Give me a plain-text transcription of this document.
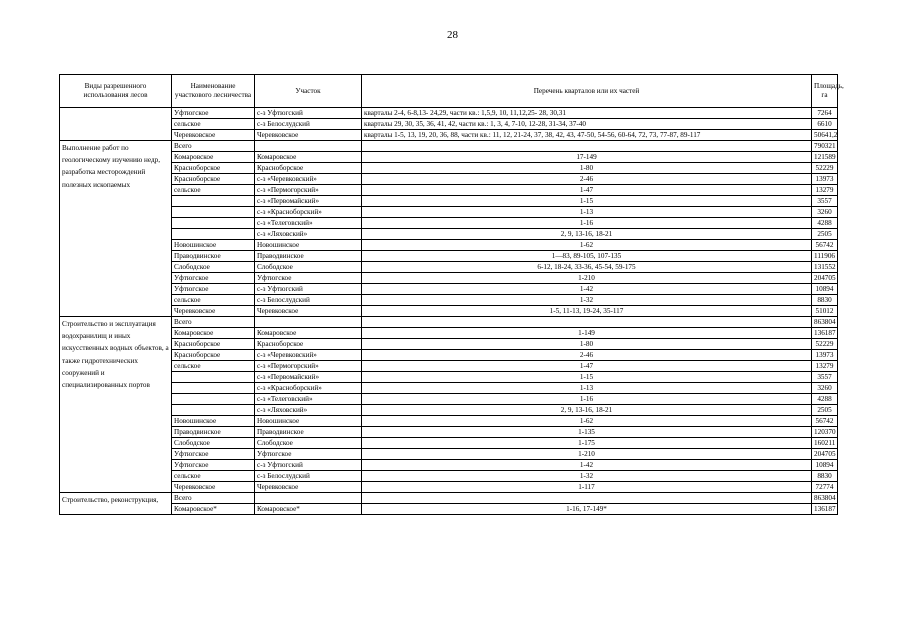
28
Виды разрешенного использования лесов	Наименование участкового лесничества	Участок	Перечень кварталов или их частей	Площадь, га
	Уфтюгское	с-з Уфтюгский	кварталы 2-4, 6-8,13- 24,29, части кв.: 1,5,9, 10, 11,12,25- 28, 30,31	7264
	сельское	с-з Белослудский	кварталы 29, 30, 35, 36, 41, 42, части кв.: 1, 3, 4, 7-10, 12-28, 31-34, 37-40	6610
	Черевковское	Черевковское	кварталы 1-5, 13, 19, 20, 36, 88, части кв.: 11, 12, 21-24, 37, 38, 42, 43, 47-50, 54-56, 60-64, 72, 73, 77-87, 89-117	50641,2
Выполнение работ по геологическому изучению недр, разработка месторождений полезных ископаемых	Всего			790321
	Комаровское	Комаровское	17-149	121589
	Красноборское	Красноборское	1-80	52229
	Красноборское	с-з «Черевковский»	2-46	13973
	сельское	с-з «Пермогорский»	1-47	13279
		с-з «Первомайский»	1-15	3557
		с-з «Красноборский»	1-13	3260
		с-з «Телеговский»	1-16	4288
		с-з «Ляховский»	2, 9, 13-16, 18-21	2505
	Новошинское	Новошинское	1-62	56742
	Праводвинское	Праводвинское	1—83, 89-105, 107-135	111906
	Слободское	Слободское	6-12, 18-24, 33-36, 45-54, 59-175	131552
	Уфтюгское	Уфтюгское	1-210	204705
	Уфтюгское	с-з Уфтюгский	1-42	10894
	сельское	с-з Белослудский	1-32	8830
	Черевковское	Черевковское	1-5, 11-13, 19-24, 35-117	51012
Строительство и эксплуатация водохранилищ и иных искусственных водных объектов, а также гидротехнических сооружений и специализированных портов	Всего			863804
	Комаровское	Комаровское	1-149	136187
	Красноборское	Красноборское	1-80	52229
	Красноборское	с-з «Черевковский»	2-46	13973
	сельское	с-з «Пермогорский»	1-47	13279
		с-з «Первомайский»	1-15	3557
		с-з «Красноборский»	1-13	3260
		с-з «Телеговский»	1-16	4288
		с-з «Ляховский»	2, 9, 13-16, 18-21	2505
	Новошинское	Новошинское	1-62	56742
	Праводвинское	Праводвинское	1-135	120370
	Слободское	Слободское	1-175	160211
	Уфтюгское	Уфтюгское	1-210	204705
	Уфтюгское	с-з Уфтюгский	1-42	10894
	сельское	с-з Белослудский	1-32	8830
	Черевковское	Черевковское	1-117	72774
Строительство, реконструкция,	Всего			863804
	Комаровское*	Комаровское*	1-16, 17-149*	136187
